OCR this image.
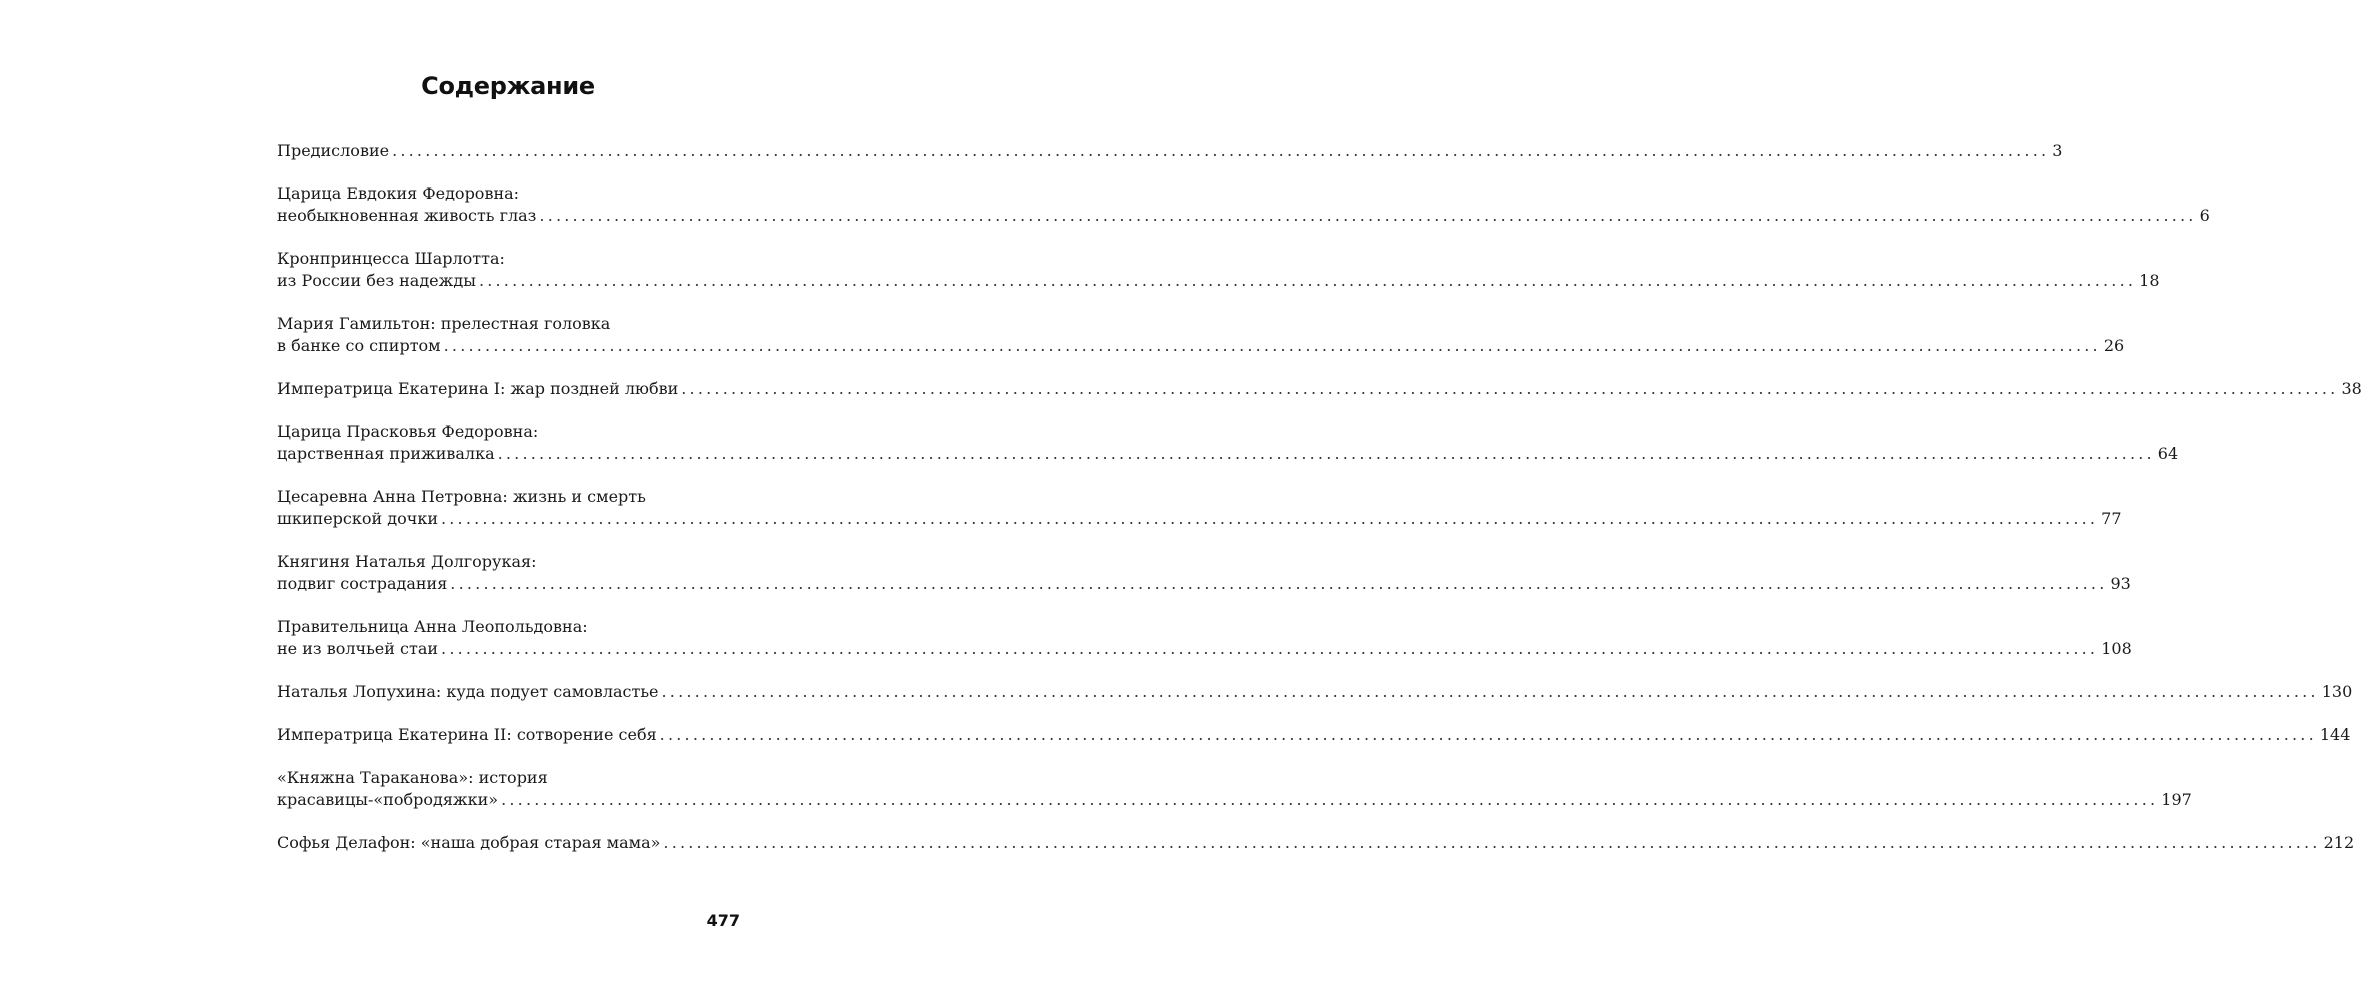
Содержание
Предисловие ........................................................................................................................................................................................................ 3
Царица Евдокия Федоровна:
необыкновенная живость глаз ........................................................................................................................................................................................................ 6
Кронпринцесса Шарлотта:
из России без надежды ........................................................................................................................................................................................................ 18
Мария Гамильтон: прелестная головка
в банке со спиртом ........................................................................................................................................................................................................ 26
Императрица Екатерина I: жар поздней любви ........................................................................................................................................................................................................ 38
Царица Прасковья Федоровна:
царственная приживалка ........................................................................................................................................................................................................ 64
Цесаревна Анна Петровна: жизнь и смерть
шкиперской дочки ........................................................................................................................................................................................................ 77
Княгиня Наталья Долгорукая:
подвиг сострадания ........................................................................................................................................................................................................ 93
Правительница Анна Леопольдовна:
не из волчьей стаи ........................................................................................................................................................................................................ 108
Наталья Лопухина: куда подует самовластье ........................................................................................................................................................................................................ 130
Императрица Екатерина II: сотворение себя ........................................................................................................................................................................................................ 144
«Княжна Тараканова»: история
красавицы-«побродяжки» ........................................................................................................................................................................................................ 197
Софья Делафон: «наша добрая старая мама» ........................................................................................................................................................................................................ 212
477
